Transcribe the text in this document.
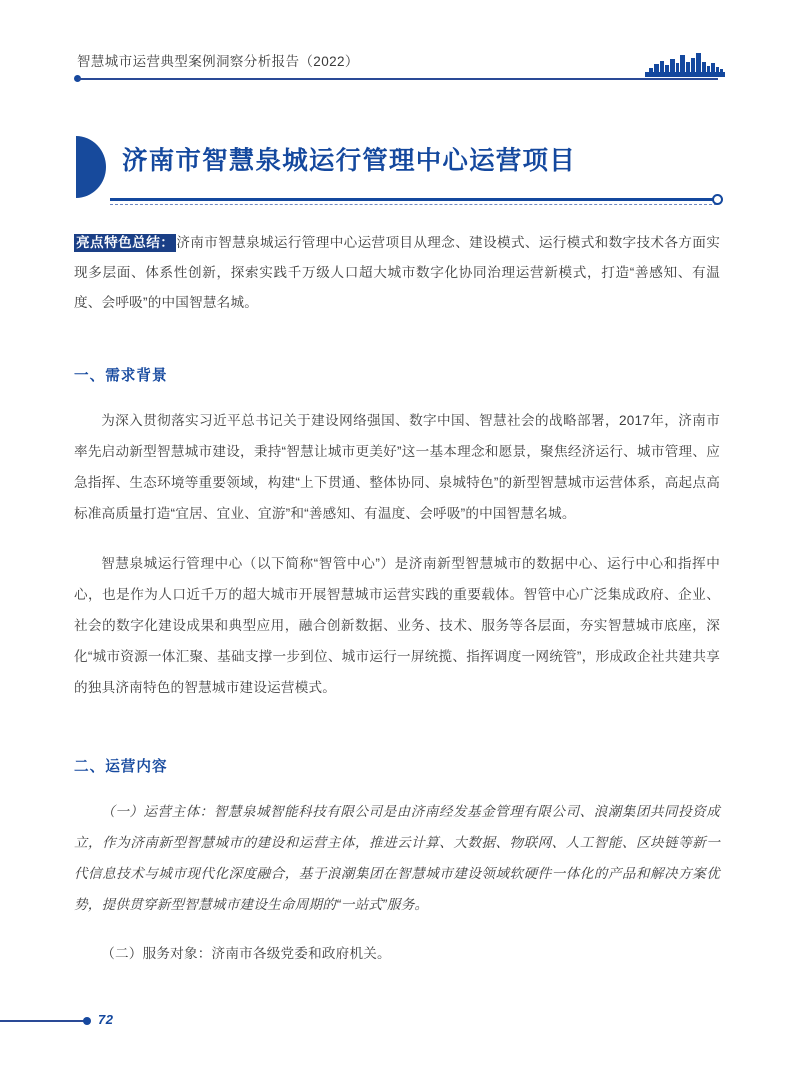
智慧城市运营典型案例洞察分析报告（2022）
济南市智慧泉城运行管理中心运营项目

亮点特色总结： 济南市智慧泉城运行管理中心运营项目从理念、建设模式、运行模式和数字技术各方面实现多层面、体系性创新，探索实践千万级人口超大城市数字化协同治理运营新模式，打造“善感知、有温度、会呼吸”的中国智慧名城。

一、需求背景

为深入贯彻落实习近平总书记关于建设网络强国、数字中国、智慧社会的战略部署，2017年，济南市率先启动新型智慧城市建设，秉持“智慧让城市更美好”这一基本理念和愿景，聚焦经济运行、城市管理、应急指挥、生态环境等重要领域，构建“上下贯通、整体协同、泉城特色”的新型智慧城市运营体系，高起点高标准高质量打造“宜居、宜业、宜游”和“善感知、有温度、会呼吸”的中国智慧名城。

智慧泉城运行管理中心（以下简称“智管中心”）是济南新型智慧城市的数据中心、运行中心和指挥中心，也是作为人口近千万的超大城市开展智慧城市运营实践的重要载体。智管中心广泛集成政府、企业、社会的数字化建设成果和典型应用，融合创新数据、业务、技术、服务等各层面，夯实智慧城市底座，深化“城市资源一体汇聚、基础支撑一步到位、城市运行一屏统揽、指挥调度一网统管”，形成政企社共建共享的独具济南特色的智慧城市建设运营模式。

二、运营内容

（一）运营主体：智慧泉城智能科技有限公司是由济南经发基金管理有限公司、浪潮集团共同投资成立，作为济南新型智慧城市的建设和运营主体，推进云计算、大数据、物联网、人工智能、区块链等新一代信息技术与城市现代化深度融合，基于浪潮集团在智慧城市建设领域软硬件一体化的产品和解决方案优势，提供贯穿新型智慧城市建设生命周期的“一站式”服务。

（二）服务对象：济南市各级党委和政府机关。

72
